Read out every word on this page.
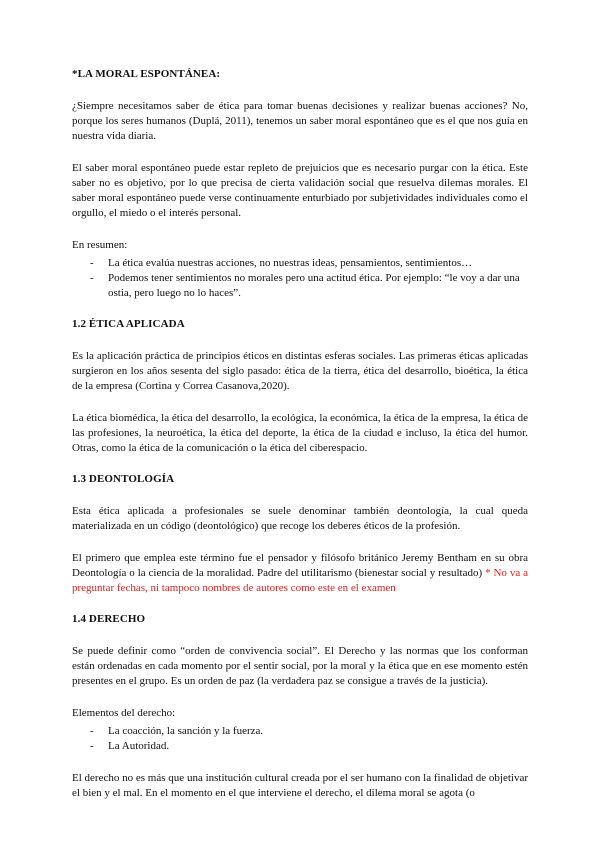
*LA MORAL ESPONTÁNEA:

¿Siempre necesitamos saber de ética para tomar buenas decisiones y realizar buenas acciones? No, porque los seres humanos (Duplá, 2011), tenemos un saber moral espontáneo que es el que nos guía en nuestra vida diaria.

El saber moral espontáneo puede estar repleto de prejuicios que es necesario purgar con la ética. Este saber no es objetivo, por lo que precisa de cierta validación social que resuelva dilemas morales. El saber moral espontáneo puede verse continuamente enturbiado por subjetividades individuales como el orgullo, el miedo o el interés personal.

En resumen:

- La ética evalúa nuestras acciones, no nuestras ideas, pensamientos, sentimientos…
- Podemos tener sentimientos no morales pero una actitud ética. Por ejemplo: “le voy a dar una ostia, pero luego no lo haces”.
1.2 ÉTICA APLICADA

Es la aplicación práctica de principios éticos en distintas esferas sociales. Las primeras éticas aplicadas surgieron en los años sesenta del siglo pasado: ética de la tierra, ética del desarrollo, bioética, la ética de la empresa (Cortina y Correa Casanova,2020).

La ética biomédica, la ética del desarrollo, la ecológica, la económica, la ética de la empresa, la ética de las profesiones, la neuroética, la ética del deporte, la ética de la ciudad e incluso, la ética del humor. Otras, como la ética de la comunicación o la ética del ciberespacio.

1.3 DEONTOLOGÍA

Esta ética aplicada a profesionales se suele denominar también deontología, la cual queda materializada en un código (deontológico) que recoge los deberes éticos de la profesión.

El primero que emplea este término fue el pensador y filósofo británico Jeremy Bentham en su obra Deontología o la ciencia de la moralidad. Padre del utilitarismo (bienestar social y resultado) * No va a preguntar fechas, ni tampoco nombres de autores como este en el examen

1.4 DERECHO

Se puede definir como “orden de convivencia social”. El Derecho y las normas que los conforman están ordenadas en cada momento por el sentir social, por la moral y la ética que en ese momento estén presentes en el grupo. Es un orden de paz (la verdadera paz se consigue a través de la justicia).

Elementos del derecho:

- La coacción, la sanción y la fuerza.
- La Autoridad.

El derecho no es más que una institución cultural creada por el ser humano con la finalidad de objetivar el bien y el mal. En el momento en el que interviene el derecho, el dilema moral se agota (o
